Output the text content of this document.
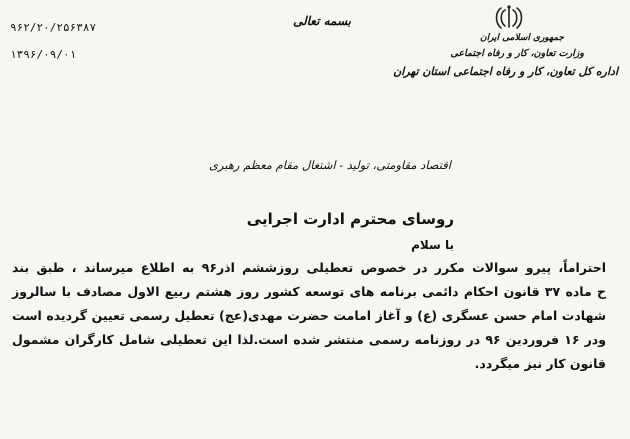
۹۶۲/۲۰/۲۵۶۳۸۷
۱۳۹۶/۰۹/۰۱
بسمه تعالی
جمهوری اسلامی ایران
وزارت تعاون، کار و رفاه اجتماعی
اداره کل تعاون، کار و رفاه اجتماعی استان تهران
اقتصاد مقاومتی، تولید - اشتغال مقام معظم رهبری
روسای محترم ادارت اجرایی
با سلام
احتراماً، پیرو سوالات مکرر در خصوص تعطیلی روزششم اذر۹۶ به اطلاع میرساند ، طبق بند
ح ماده ۳۷ قانون احکام دائمی برنامه های توسعه کشور روز هشتم ربیع الاول مصادف با سالروز
شهادت امام حسن عسگری (ع) و آغاز امامت حضرت مهدی(عج) تعطیل رسمی تعیین گردیده است
ودر ۱۶ فروردین ۹۶ در روزنامه رسمی منتشر شده است.لذا این تعطیلی شامل کارگران مشمول
قانون کار نیز میگردد.
